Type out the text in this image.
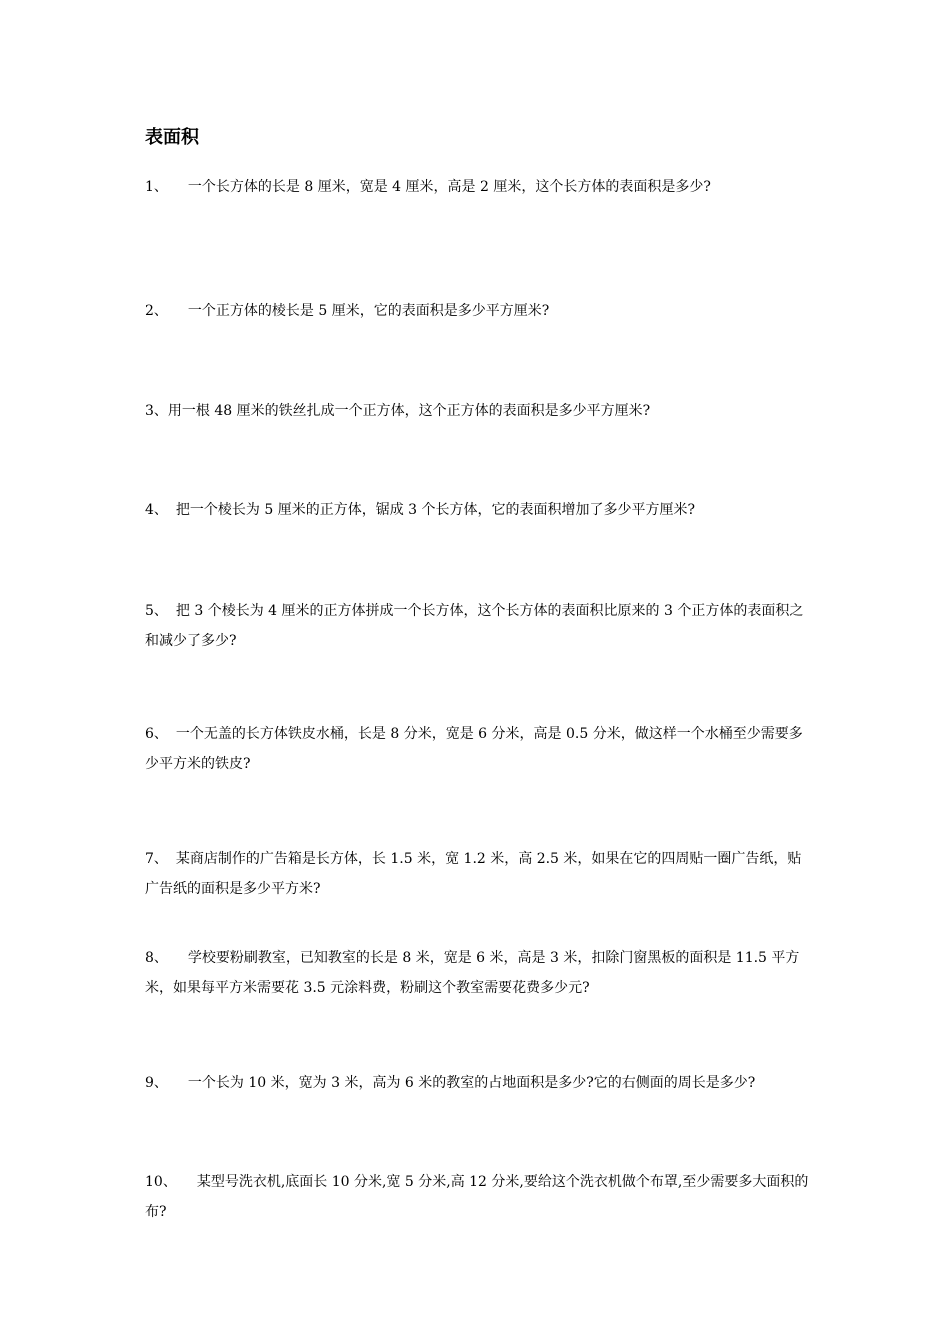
表面积

1、 一个长方体的长是 8 厘米，宽是 4 厘米，高是 2 厘米，这个长方体的表面积是多少?

2、 一个正方体的棱长是 5 厘米，它的表面积是多少平方厘米?

3、用一根 48 厘米的铁丝扎成一个正方体，这个正方体的表面积是多少平方厘米?

4、 把一个棱长为 5 厘米的正方体，锯成 3 个长方体，它的表面积增加了多少平方厘米?

5、 把 3 个棱长为 4 厘米的正方体拼成一个长方体，这个长方体的表面积比原来的 3 个正方体的表面积之和减少了多少?

6、 一个无盖的长方体铁皮水桶，长是 8 分米，宽是 6 分米，高是 0.5 分米，做这样一个水桶至少需要多少平方米的铁皮?

7、 某商店制作的广告箱是长方体，长 1.5 米，宽 1.2 米，高 2.5 米，如果在它的四周贴一圈广告纸，贴广告纸的面积是多少平方米?

8、 学校要粉刷教室，已知教室的长是 8 米，宽是 6 米，高是 3 米，扣除门窗黑板的面积是 11.5 平方米，如果每平方米需要花 3.5 元涂料费，粉刷这个教室需要花费多少元?

9、 一个长为 10 米，宽为 3 米，高为 6 米的教室的占地面积是多少?它的右侧面的周长是多少?

10、 某型号洗衣机,底面长 10 分米,宽 5 分米,高 12 分米,要给这个洗衣机做个布罩,至少需要多大面积的布?
